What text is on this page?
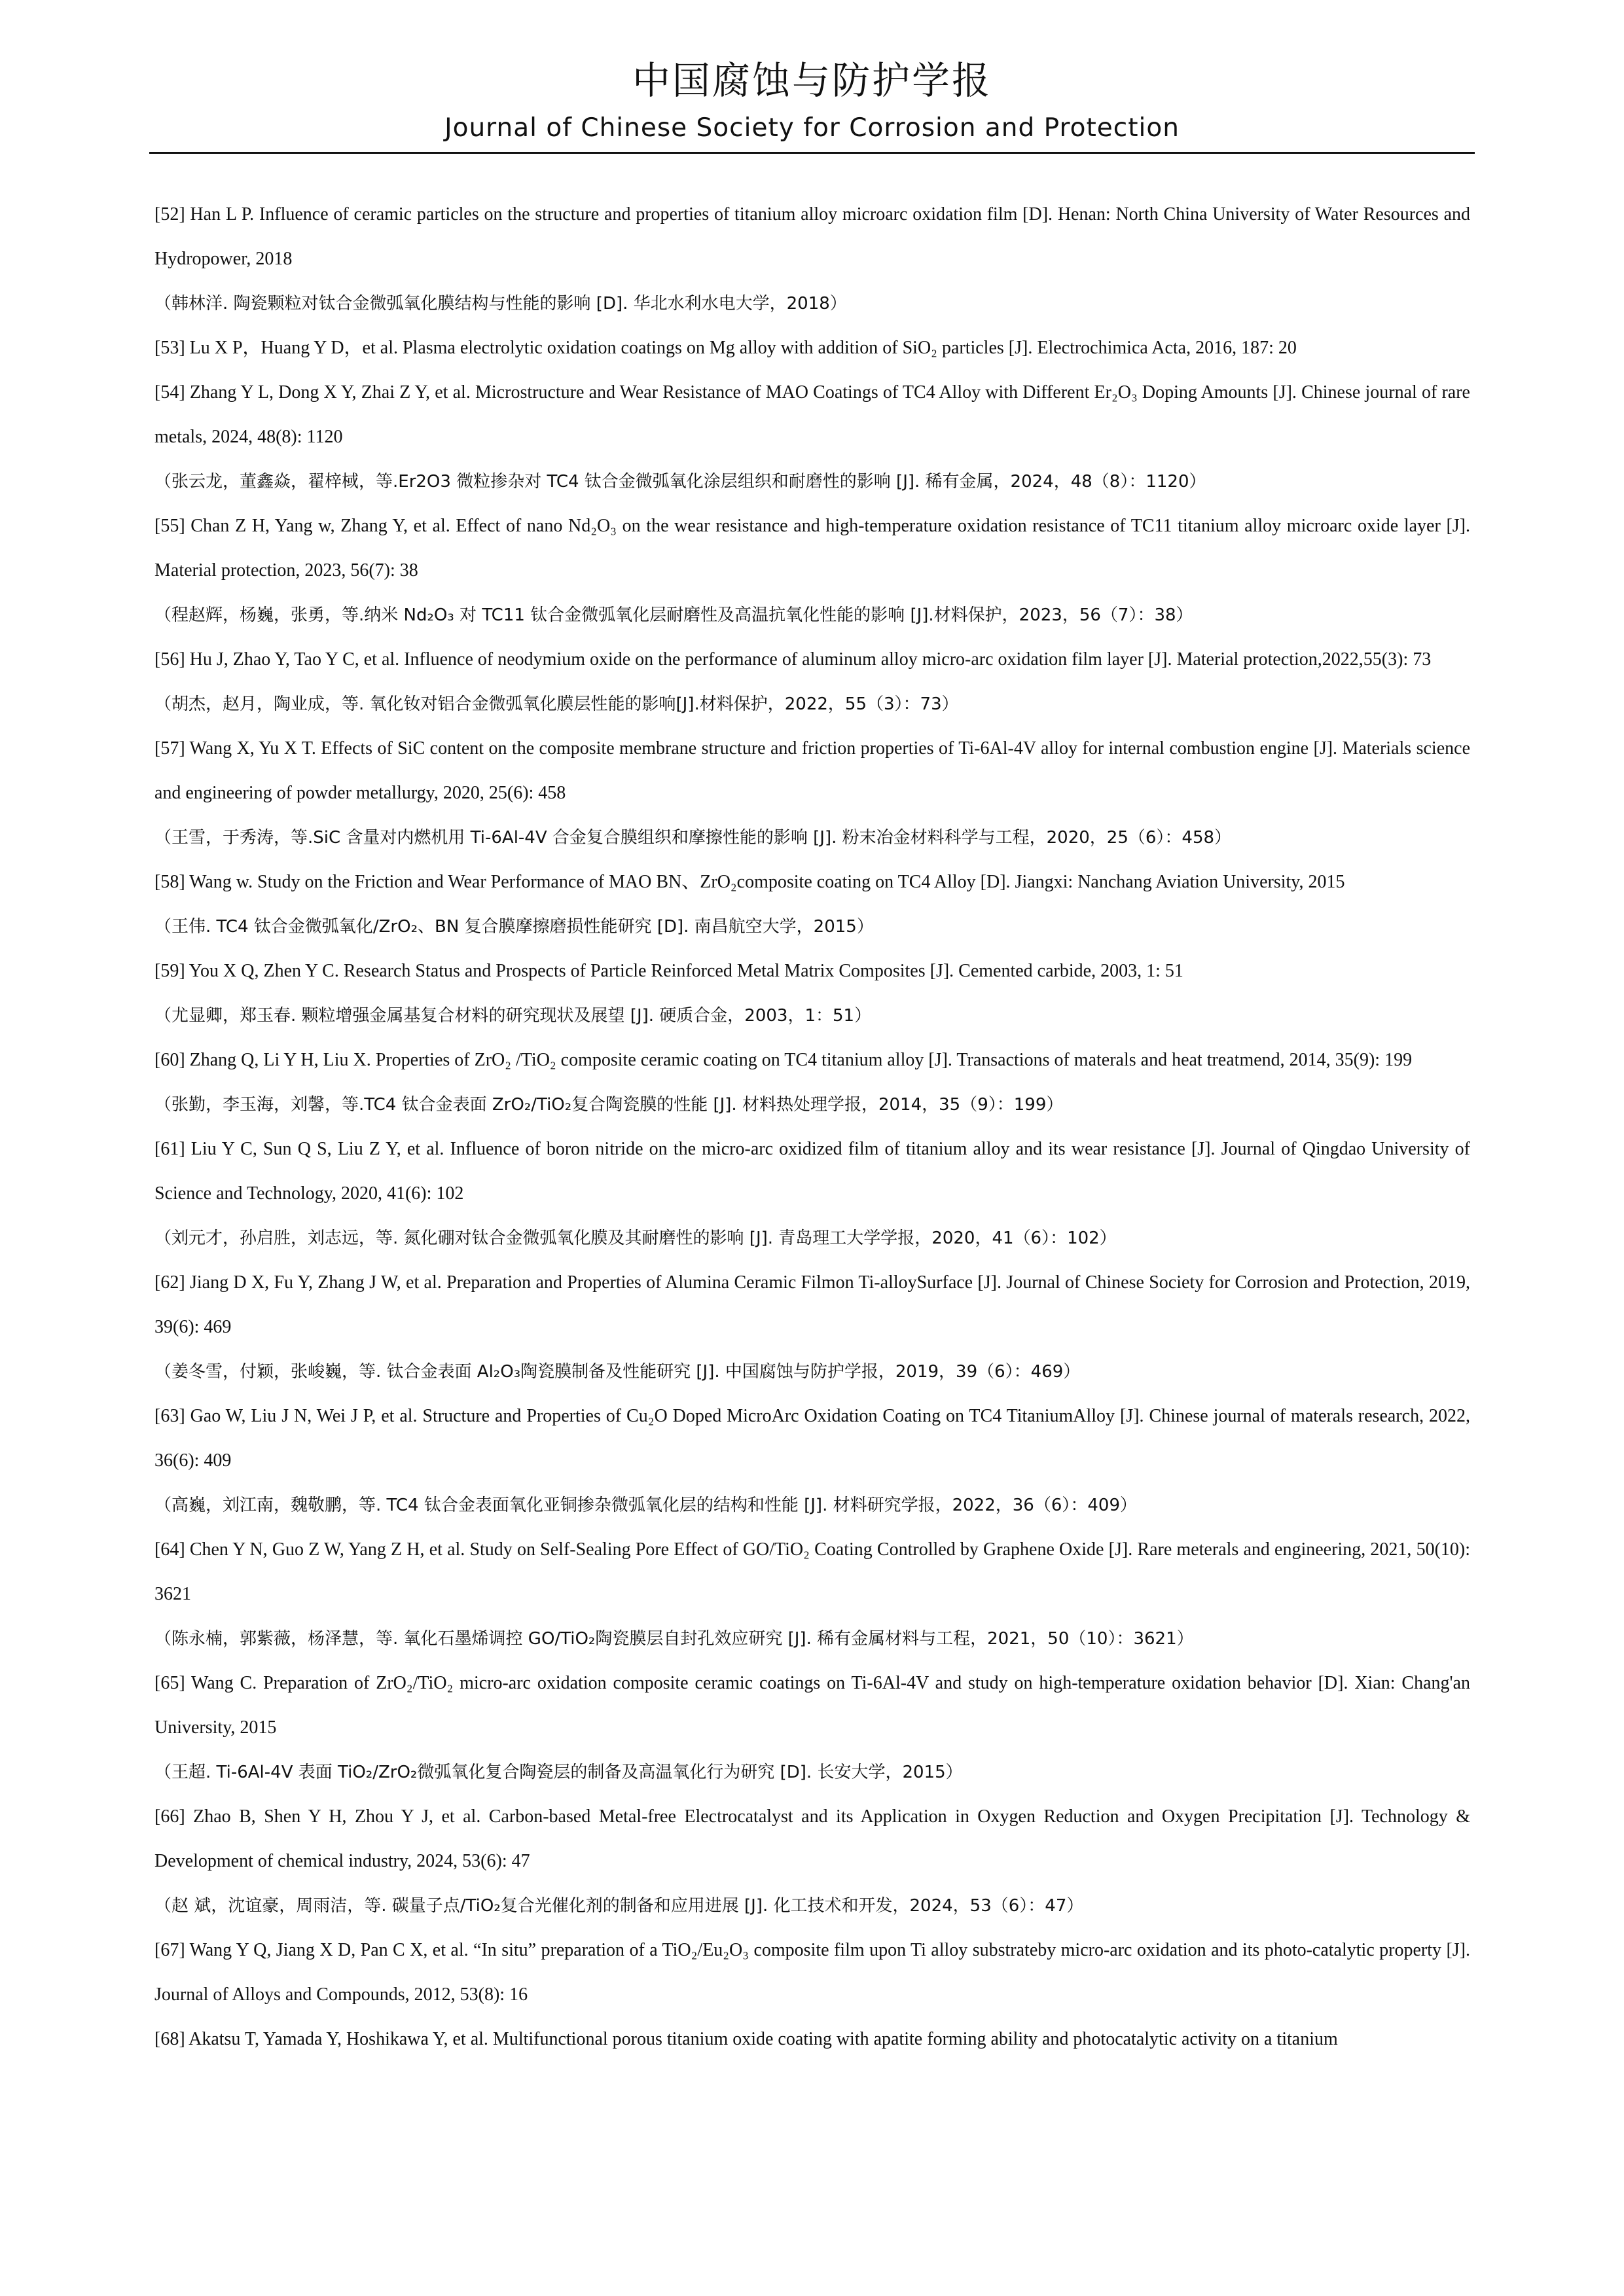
中国腐蚀与防护学报
Journal of Chinese Society for Corrosion and Protection

[52] Han L P. Influence of ceramic particles on the structure and properties of titanium alloy microarc oxidation film [D]. Henan: North China University of Water Resources and Hydropower, 2018

（韩林洋. 陶瓷颗粒对钛合金微弧氧化膜结构与性能的影响 [D]. 华北水利水电大学，2018）

[53] Lu X P，Huang Y D，et al. Plasma electrolytic oxidation coatings on Mg alloy with addition of SiO₂ particles [J]. Electrochimica Acta, 2016, 187: 20

[54] Zhang Y L, Dong X Y, Zhai Z Y, et al. Microstructure and Wear Resistance of MAO Coatings of TC4 Alloy with Different Er₂O₃ Doping Amounts [J]. Chinese journal of rare metals, 2024, 48(8): 1120

（张云龙，董鑫焱，翟梓棫，等.Er2O3 微粒掺杂对 TC4 钛合金微弧氧化涂层组织和耐磨性的影响 [J]. 稀有金属，2024，48（8）：1120）

[55] Chan Z H, Yang w, Zhang Y, et al. Effect of nano Nd₂O₃ on the wear resistance and high-temperature oxidation resistance of TC11 titanium alloy microarc oxide layer [J]. Material protection, 2023, 56(7): 38

（程赵辉，杨巍，张勇，等.纳米 Nd₂O₃ 对 TC11 钛合金微弧氧化层耐磨性及高温抗氧化性能的影响 [J].材料保护，2023，56（7）：38）

[56] Hu J, Zhao Y, Tao Y C, et al. Influence of neodymium oxide on the performance of aluminum alloy micro-arc oxidation film layer [J]. Material protection,2022,55(3): 73

（胡杰，赵月，陶业成，等. 氧化钕对铝合金微弧氧化膜层性能的影响[J].材料保护，2022，55（3）：73）

[57] Wang X, Yu X T. Effects of SiC content on the composite membrane structure and friction properties of Ti-6Al-4V alloy for internal combustion engine [J]. Materials science and engineering of powder metallurgy, 2020, 25(6): 458

（王雪，于秀涛，等.SiC 含量对内燃机用 Ti-6Al-4V 合金复合膜组织和摩擦性能的影响 [J]. 粉末冶金材料科学与工程，2020，25（6）：458）

[58] Wang w. Study on the Friction and Wear Performance of MAO BN、ZrO₂composite coating on TC4 Alloy [D]. Jiangxi: Nanchang Aviation University, 2015

（王伟. TC4 钛合金微弧氧化/ZrO₂、BN 复合膜摩擦磨损性能研究 [D]. 南昌航空大学，2015）

[59] You X Q, Zhen Y C. Research Status and Prospects of Particle Reinforced Metal Matrix Composites [J]. Cemented carbide, 2003, 1: 51

（尤显卿，郑玉春. 颗粒增强金属基复合材料的研究现状及展望 [J]. 硬质合金，2003，1：51）

[60] Zhang Q, Li Y H, Liu X. Properties of ZrO₂ /TiO₂ composite ceramic coating on TC4 titanium alloy [J]. Transactions of materals and heat treatmend, 2014, 35(9): 199

（张勤，李玉海，刘馨，等.TC4 钛合金表面 ZrO₂/TiO₂复合陶瓷膜的性能 [J]. 材料热处理学报，2014，35（9）：199）

[61] Liu Y C, Sun Q S, Liu Z Y, et al. Influence of boron nitride on the micro-arc oxidized film of titanium alloy and its wear resistance [J]. Journal of Qingdao University of Science and Technology, 2020, 41(6): 102

（刘元才，孙启胜，刘志远，等. 氮化硼对钛合金微弧氧化膜及其耐磨性的影响 [J]. 青岛理工大学学报，2020，41（6）：102）

[62] Jiang D X, Fu Y, Zhang J W, et al. Preparation and Properties of Alumina Ceramic Filmon Ti-alloySurface [J]. Journal of Chinese Society for Corrosion and Protection, 2019, 39(6): 469

（姜冬雪，付颖，张峻巍，等. 钛合金表面 Al₂O₃陶瓷膜制备及性能研究 [J]. 中国腐蚀与防护学报，2019，39（6）：469）

[63] Gao W, Liu J N, Wei J P, et al. Structure and Properties of Cu₂O Doped MicroArc Oxidation Coating on TC4 TitaniumAlloy [J]. Chinese journal of materals research, 2022, 36(6): 409

（高巍，刘江南，魏敬鹏，等. TC4 钛合金表面氧化亚铜掺杂微弧氧化层的结构和性能 [J]. 材料研究学报，2022，36（6）：409）

[64] Chen Y N, Guo Z W, Yang Z H, et al. Study on Self-Sealing Pore Effect of GO/TiO₂ Coating Controlled by Graphene Oxide [J]. Rare meterals and engineering, 2021, 50(10): 3621

（陈永楠，郭紫薇，杨泽慧，等. 氧化石墨烯调控 GO/TiO₂陶瓷膜层自封孔效应研究 [J]. 稀有金属材料与工程，2021，50（10）：3621）

[65] Wang C. Preparation of ZrO₂/TiO₂ micro-arc oxidation composite ceramic coatings on Ti-6Al-4V and study on high-temperature oxidation behavior [D]. Xian: Chang'an University, 2015

（王超. Ti-6Al-4V 表面 TiO₂/ZrO₂微弧氧化复合陶瓷层的制备及高温氧化行为研究 [D]. 长安大学，2015）

[66] Zhao B, Shen Y H, Zhou Y J, et al. Carbon-based Metal-free Electrocatalyst and its Application in Oxygen Reduction and Oxygen Precipitation [J]. Technology & Development of chemical industry, 2024, 53(6): 47

（赵 斌，沈谊豪，周雨洁，等. 碳量子点/TiO₂复合光催化剂的制备和应用进展 [J]. 化工技术和开发，2024，53（6）：47）

[67] Wang Y Q, Jiang X D, Pan C X, et al. “In situ” preparation of a TiO₂/Eu₂O₃ composite film upon Ti alloy substrateby micro-arc oxidation and its photo-catalytic property [J]. Journal of Alloys and Compounds, 2012, 53(8): 16

[68] Akatsu T, Yamada Y, Hoshikawa Y, et al. Multifunctional porous titanium oxide coating with apatite forming ability and photocatalytic activity on a titanium
